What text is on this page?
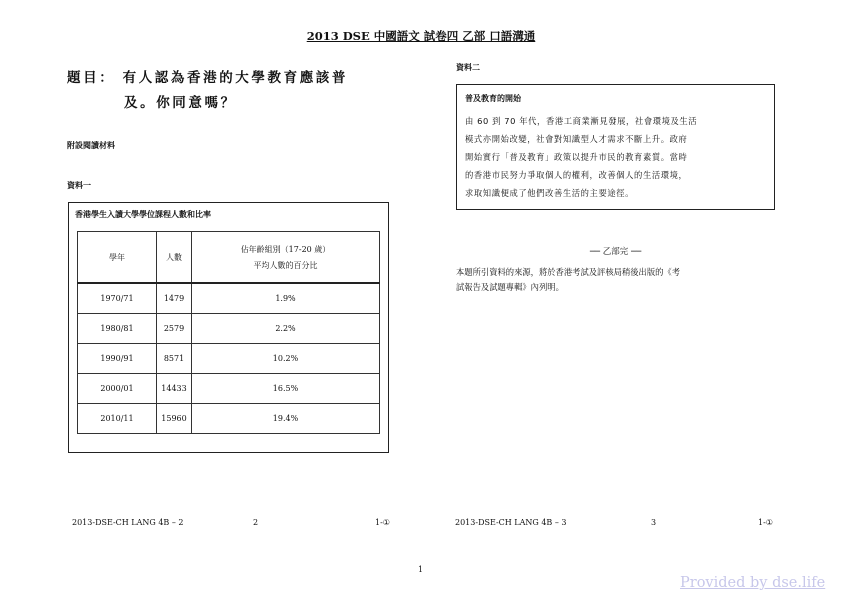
2013 DSE 中國語文 試卷四 乙部 口語溝通
題目： 有人認為香港的大學教育應該普
及。你同意嗎？
附設閱讀材料
資料一
香港學生入讀大學學位課程人數和比率
學年	人數	佔年齡組別（17-20 歲）
平均人數的百分比

1970/71	1479	1.9%
1980/81	2579	2.2%
1990/91	8571	10.2%
2000/01	14433	16.5%
2010/11	15960	19.4%
2013-DSE-CH LANG 4B – 2	2	1-①
資料二
普及教育的開始
由 60 到 70 年代，香港工商業漸見發展，社會環境及生活
模式亦開始改變，社會對知識型人才需求不斷上升。政府
開始實行「普及教育」政策以提升市民的教育素質。當時
的香港市民努力爭取個人的權利，改善個人的生活環境，
求取知識便成了他們改善生活的主要途徑。
── 乙部完 ──
本題所引資料的來源，將於香港考試及評核局稍後出版的《考
試報告及試題專輯》內列明。
2013-DSE-CH LANG 4B – 3	3	1-①
1
Provided by dse.life
